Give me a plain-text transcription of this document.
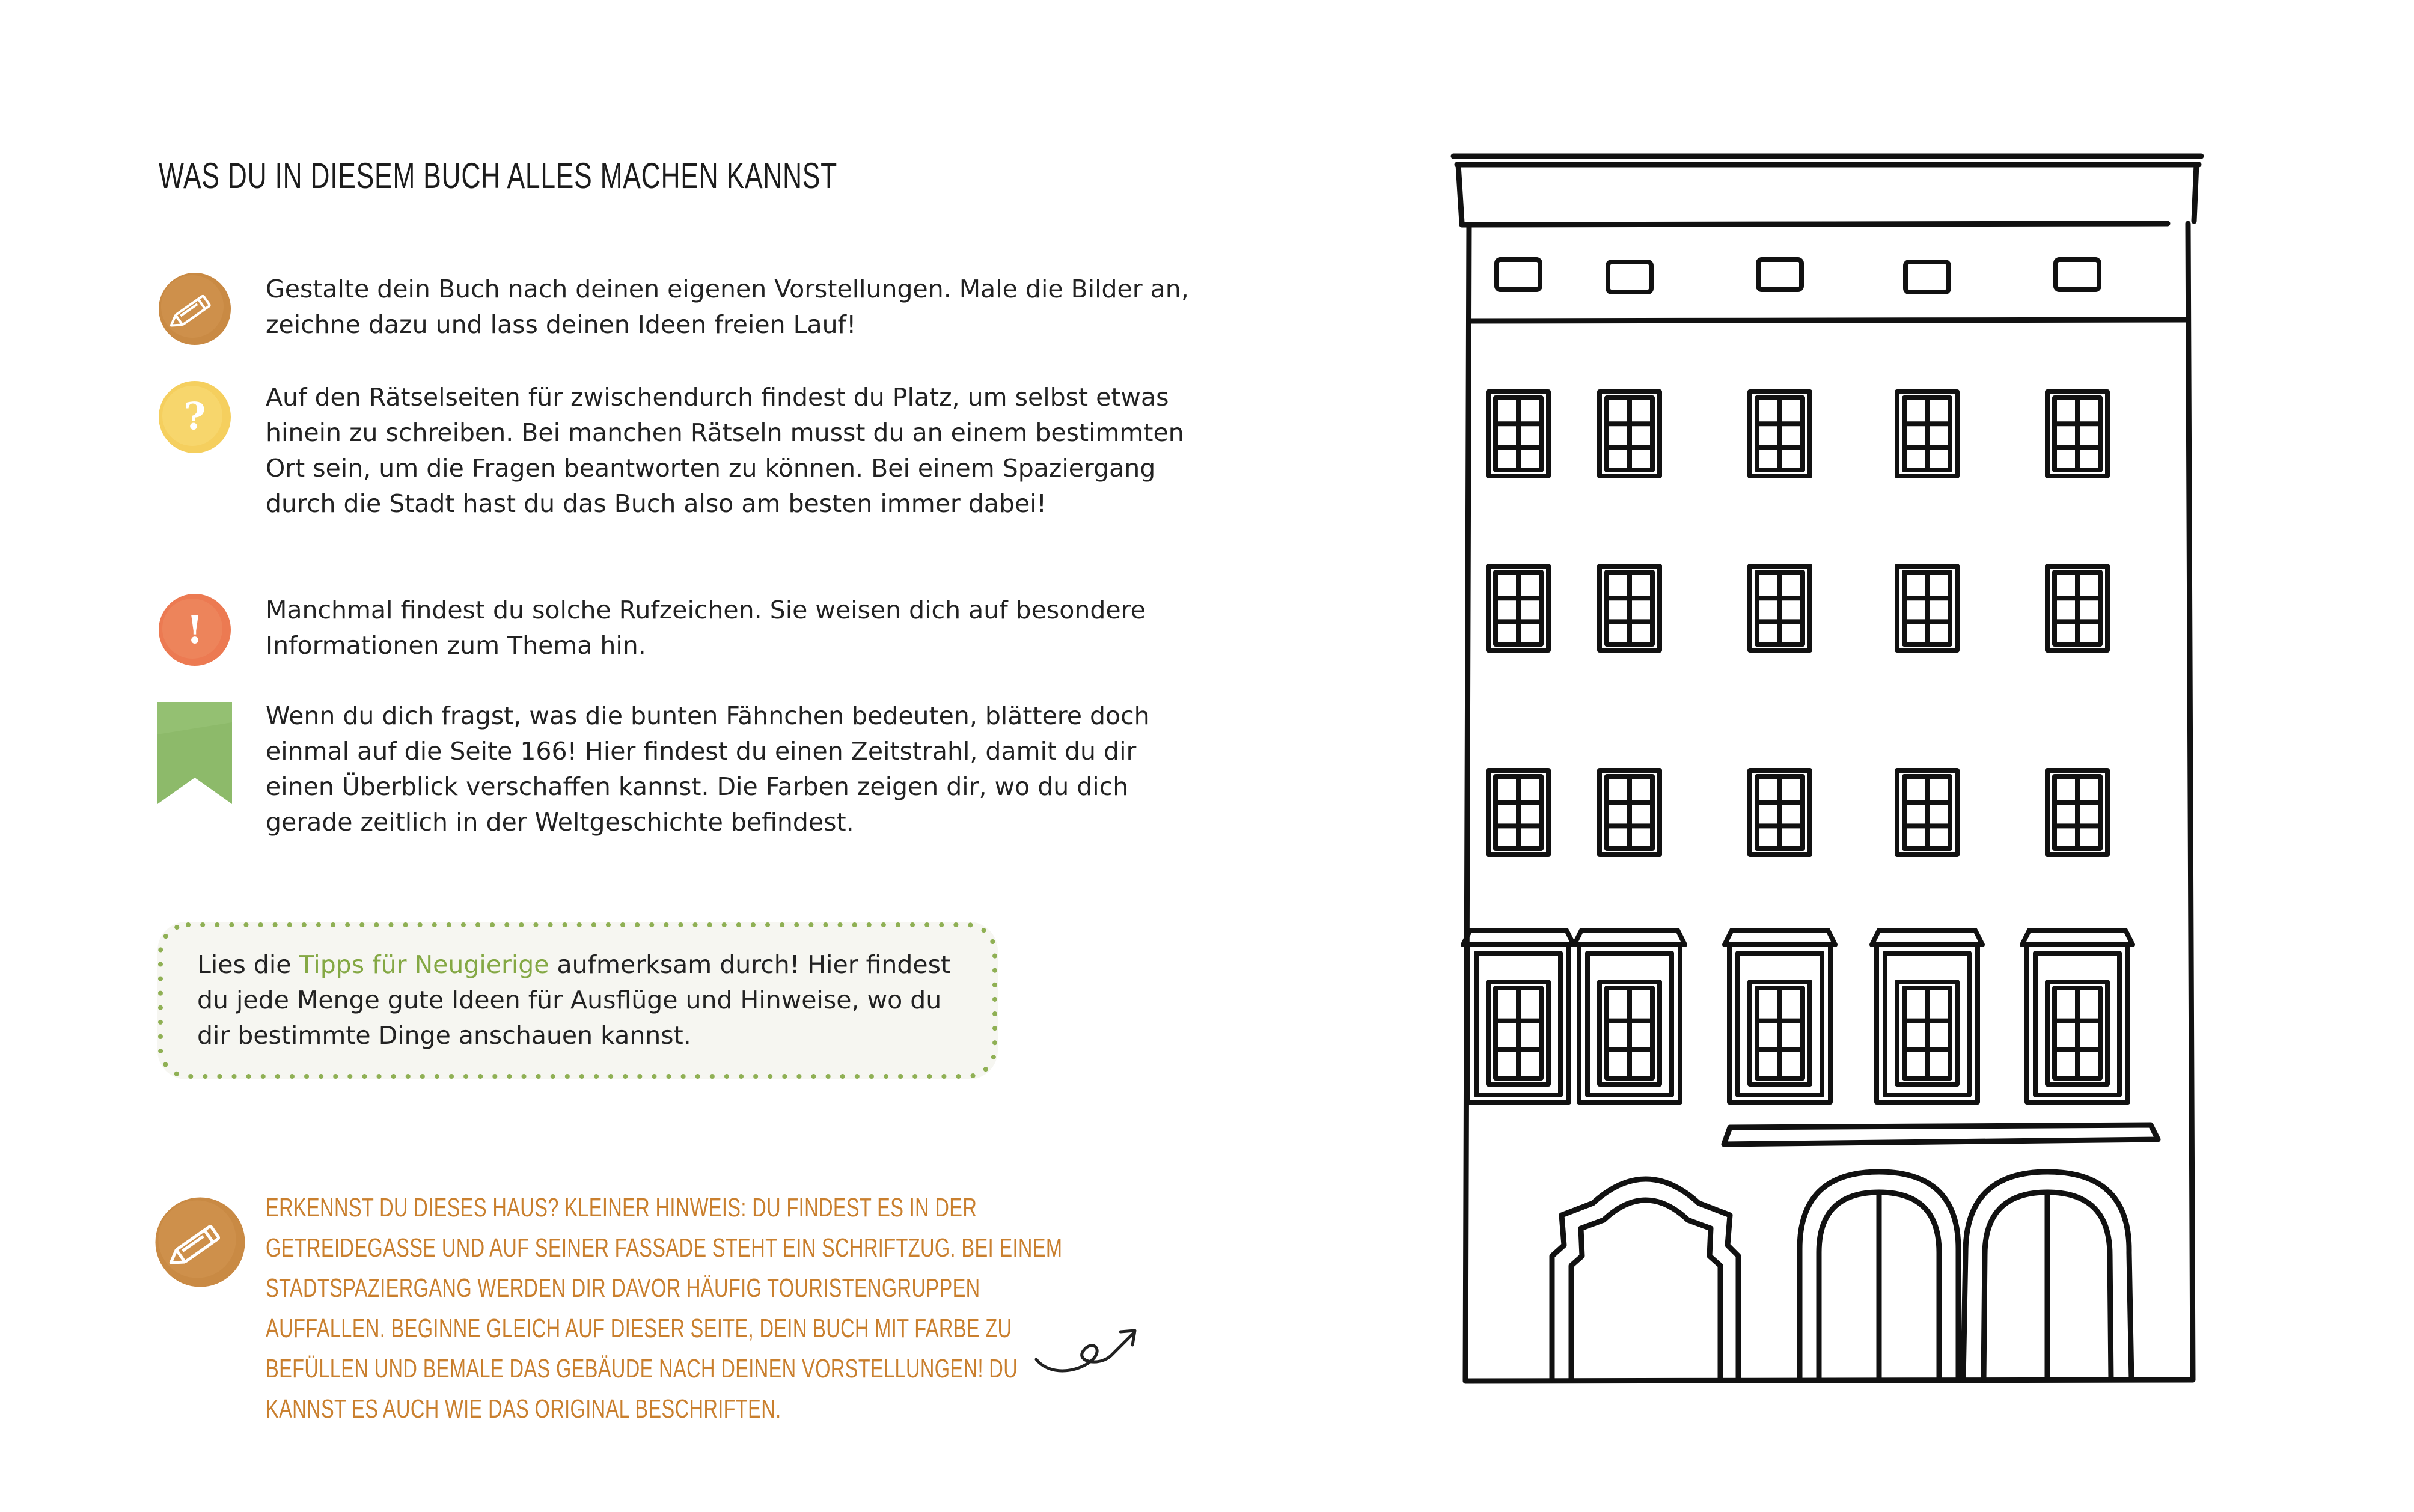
WAS DU IN DIESEM BUCH ALLES MACHEN KANNST
Gestalte dein Buch nach deinen eigenen Vorstellungen. Male die Bilder an, zeichne dazu und lass deinen Ideen freien Lauf!
? Auf den Rätselseiten für zwischendurch findest du Platz, um selbst etwas hinein zu schreiben. Bei manchen Rätseln musst du an einem bestimmten Ort sein, um die Fragen beantworten zu können. Bei einem Spaziergang durch die Stadt hast du das Buch also am besten immer dabei!
!	Manchmal findest du solche Rufzeichen. Sie weisen dich auf besondere Informationen zum Thema hin.
Wenn du dich fragst, was die bunten Fähnchen bedeuten, blättere doch einmal auf die Seite 166! Hier findest du einen Zeitstrahl, damit du dir einen Überblick verschaffen kannst. Die Farben zeigen dir, wo du dich gerade zeitlich in der Weltgeschichte befindest.
Lies die Tipps für Neugierige aufmerksam durch! Hier findest du jede Menge gute Ideen für Ausflüge und Hinweise, wo du dir bestimmte Dinge anschauen kannst.
ERKENNST DU DIESES HAUS? KLEINER HINWEIS: DU FINDEST ES IN DER GETREIDEGASSE UND AUF SEINER FASSADE STEHT EIN SCHRIFTZUG. BEI EINEM STADTSPAZIERGANG WERDEN DIR DAVOR HÄUFIG TOURISTENGRUPPEN AUFFALLEN. BEGINNE GLEICH AUF DIESER SEITE, DEIN BUCH MIT FARBE ZU BEFÜLLEN UND BEMALE DAS GEBÄUDE NACH DEINEN VORSTELLUNGEN! DU KANNST ES AUCH WIE DAS ORIGINAL BESCHRIFTEN.
